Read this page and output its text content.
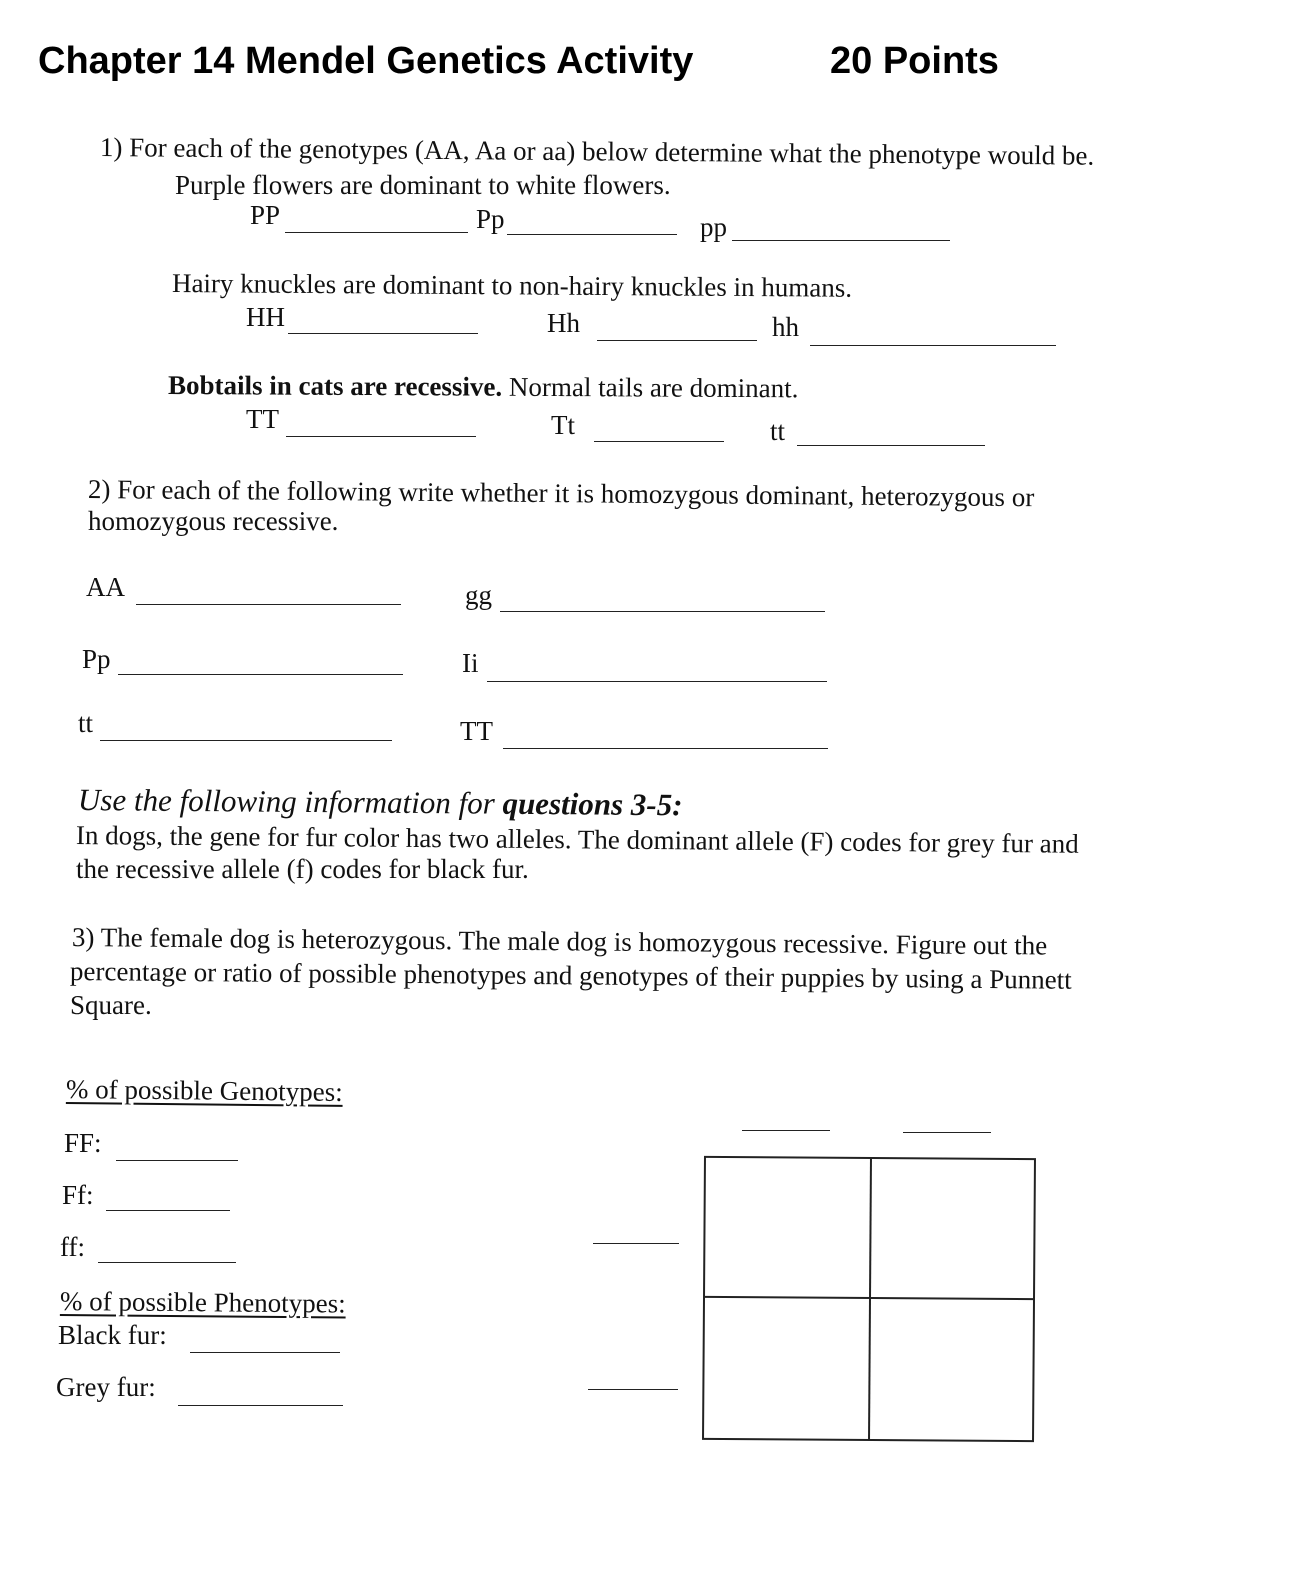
Chapter 14 Mendel Genetics Activity	20 Points
1) For each of the genotypes (AA, Aa or aa) below determine what the phenotype would be.
Purple flowers are dominant to white flowers.
PP	Pp	pp
Hairy knuckles are dominant to non-hairy knuckles in humans.
HH	Hh	hh
Bobtails in cats are recessive. Normal tails are dominant.
TT	Tt	tt
2) For each of the following write whether it is homozygous dominant, heterozygous or
homozygous recessive.
AA	gg
Pp	Ii
tt	TT
Use the following information for questions 3-5:
In dogs, the gene for fur color has two alleles. The dominant allele (F) codes for grey fur and
the recessive allele (f) codes for black fur.
3) The female dog is heterozygous. The male dog is homozygous recessive. Figure out the
percentage or ratio of possible phenotypes and genotypes of their puppies by using a Punnett
Square.
% of possible Genotypes:
FF:
Ff:
ff:
% of possible Phenotypes:
Black fur:
Grey fur:
